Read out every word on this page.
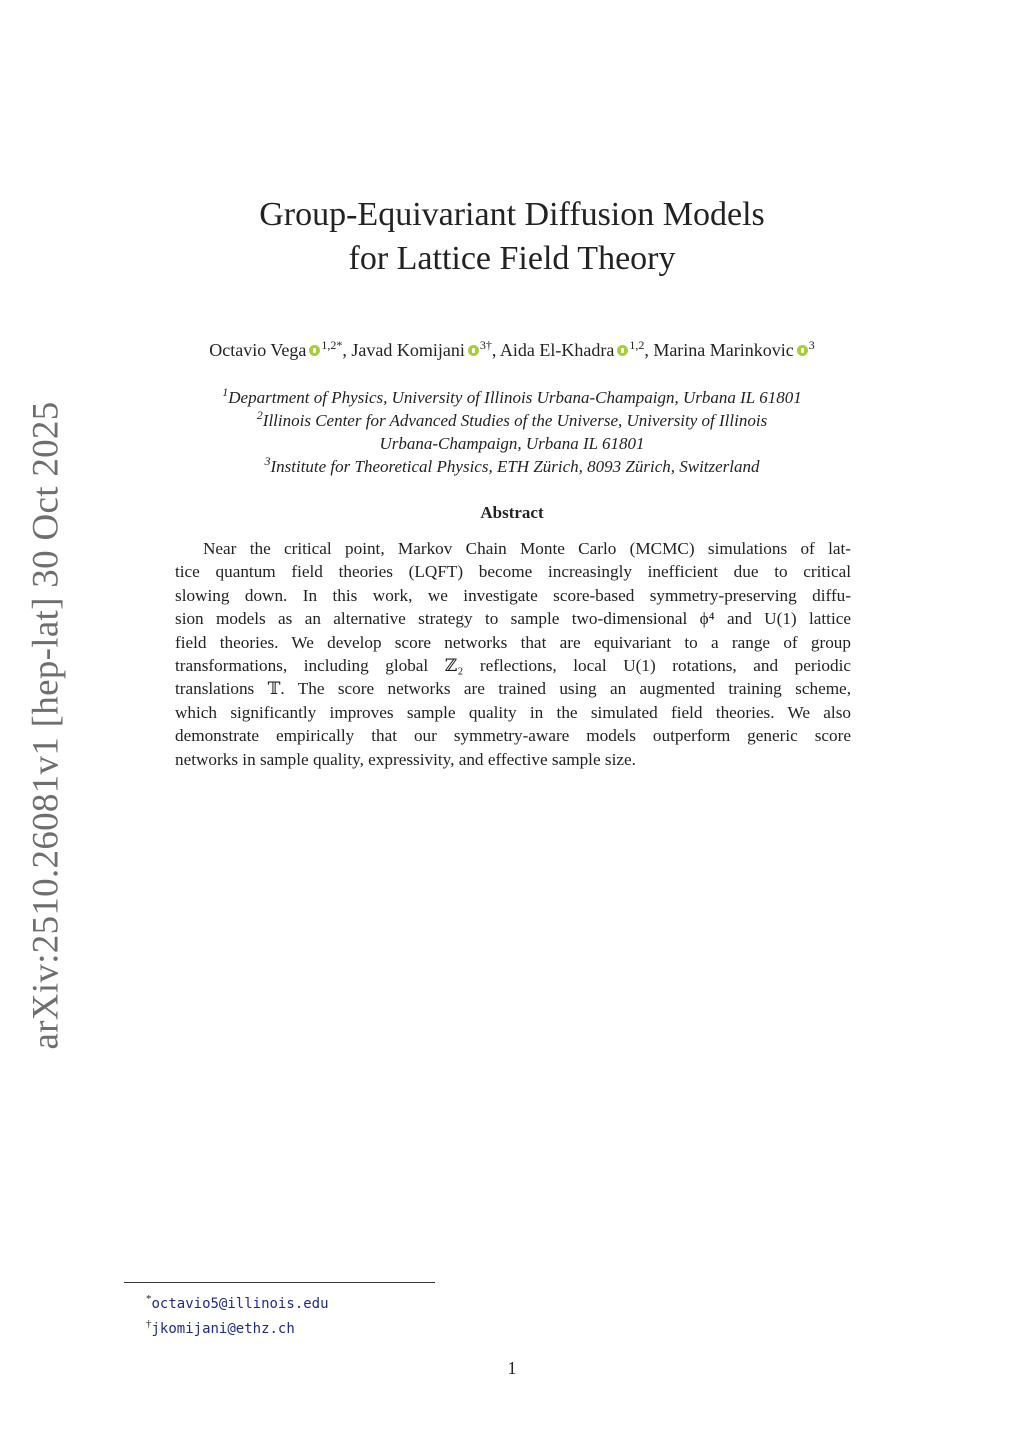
arXiv:2510.26081v1 [hep-lat] 30 Oct 2025
Group-Equivariant Diffusion Models
for Lattice Field Theory
Octavio Vega $^{1,2*}$, Javad Komijani $^{3\dagger}$, Aida El-Khadra $^{1,2}$, Marina Marinkovic $^3$
$^1$Department of Physics, University of Illinois Urbana-Champaign, Urbana IL 61801
$^2$Illinois Center for Advanced Studies of the Universe, University of Illinois
Urbana-Champaign, Urbana IL 61801
$^3$Institute for Theoretical Physics, ETH Zürich, 8093 Zürich, Switzerland
Abstract
Near the critical point, Markov Chain Monte Carlo (MCMC) simulations of lat-
tice quantum field theories (LQFT) become increasingly inefficient due to critical
slowing down. In this work, we investigate score-based symmetry-preserving diffu-
sion models as an alternative strategy to sample two-dimensional ϕ⁴ and U(1) lattice
field theories. We develop score networks that are equivariant to a range of group
transformations, including global ℤ₂ reflections, local U(1) rotations, and periodic
translations 𝕋. The score networks are trained using an augmented training scheme,
which significantly improves sample quality in the simulated field theories. We also
demonstrate empirically that our symmetry-aware models outperform generic score
networks in sample quality, expressivity, and effective sample size.
*octavio5@illinois.edu
†jkomijani@ethz.ch
1
